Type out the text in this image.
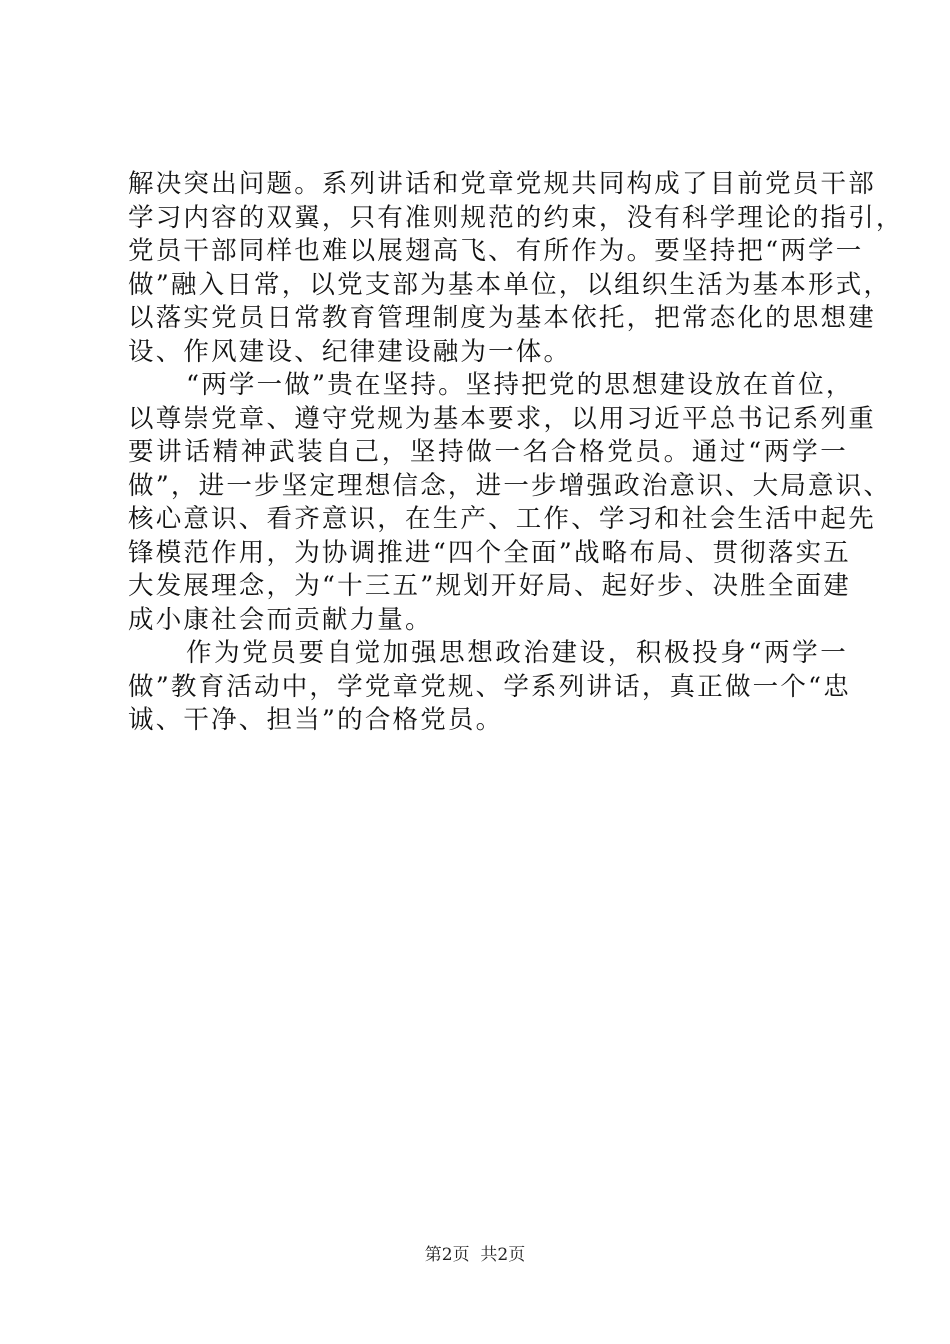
解决突出问题。系列讲话和党章党规共同构成了目前党员干部
学习内容的双翼，只有准则规范的约束，没有科学理论的指引，
党员干部同样也难以展翅高飞、有所作为。要坚持把“两学一
做”融入日常，以党支部为基本单位，以组织生活为基本形式，
以落实党员日常教育管理制度为基本依托，把常态化的思想建
设、作风建设、纪律建设融为一体。
“两学一做”贵在坚持。坚持把党的思想建设放在首位，
以尊崇党章、遵守党规为基本要求，以用习近平总书记系列重
要讲话精神武装自己，坚持做一名合格党员。通过“两学一
做”，进一步坚定理想信念，进一步增强政治意识、大局意识、
核心意识、看齐意识，在生产、工作、学习和社会生活中起先
锋模范作用，为协调推进“四个全面”战略布局、贯彻落实五
大发展理念，为“十三五”规划开好局、起好步、决胜全面建
成小康社会而贡献力量。
作为党员要自觉加强思想政治建设，积极投身“两学一
做”教育活动中，学党章党规、学系列讲话，真正做一个“忠
诚、干净、担当”的合格党员。
第2页  共2页
